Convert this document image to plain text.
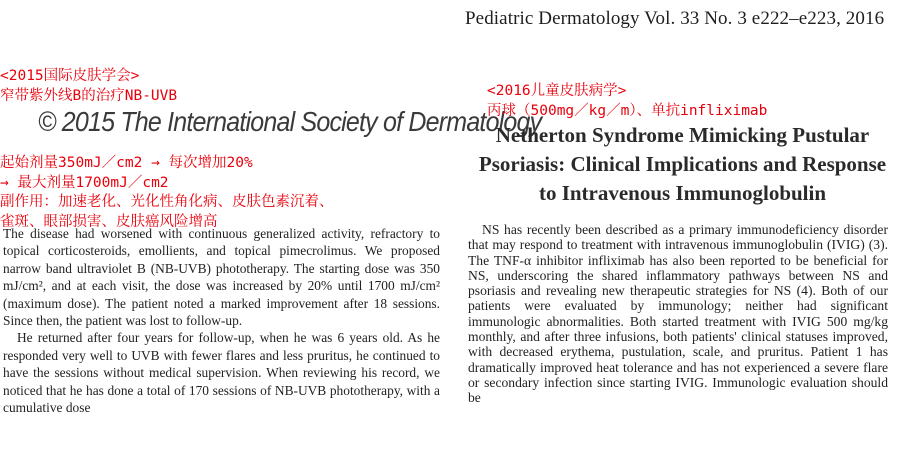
Pediatric Dermatology Vol. 33 No. 3 e222–e223, 2016
© 2015 The International Society of Dermatology
Netherton Syndrome Mimicking Pustular Psoriasis: Clinical Implications and Response to Intravenous Immunoglobulin

The disease had worsened with continuous generalized activity, refractory to topical corticosteroids, emollients, and topical pimecrolimus. We proposed narrow band ultraviolet B (NB-UVB) phototherapy. The starting dose was 350 mJ/cm², and at each visit, the dose was increased by 20% until 1700 mJ/cm² (maximum dose). The patient noted a marked improvement after 18 sessions. Since then, the patient was lost to follow-up.

He returned after four years for follow-up, when he was 6 years old. As he responded very well to UVB with fewer flares and less pruritus, he continued to have the sessions without medical supervision. When reviewing his record, we noticed that he has done a total of 170 sessions of NB-UVB phototherapy, with a cumulative dose

NS has recently been described as a primary immunodeficiency disorder that may respond to treatment with intravenous immunoglobulin (IVIG) (3). The TNF-α inhibitor infliximab has also been reported to be beneficial for NS, underscoring the shared inflammatory pathways between NS and psoriasis and revealing new therapeutic strategies for NS (4). Both of our patients were evaluated by immunology; neither had significant immunologic abnormalities. Both started treatment with IVIG 500 mg/kg monthly, and after three infusions, both patients' clinical statuses improved, with decreased erythema, pustulation, scale, and pruritus. Patient 1 has dramatically improved heat tolerance and has not experienced a severe flare or secondary infection since starting IVIG. Immunologic evaluation should be

<2015国际皮肤学会>
窄带紫外线B的治疗NB-UVB
起始剂量350mJ／cm2 → 每次增加20%
→ 最大剂量1700mJ／cm2
副作用：加速老化、光化性角化病、皮肤色素沉着、
雀斑、眼部损害、皮肤癌风险增高
<2016儿童皮肤病学>
丙球（500mg／kg／m）、单抗infliximab
